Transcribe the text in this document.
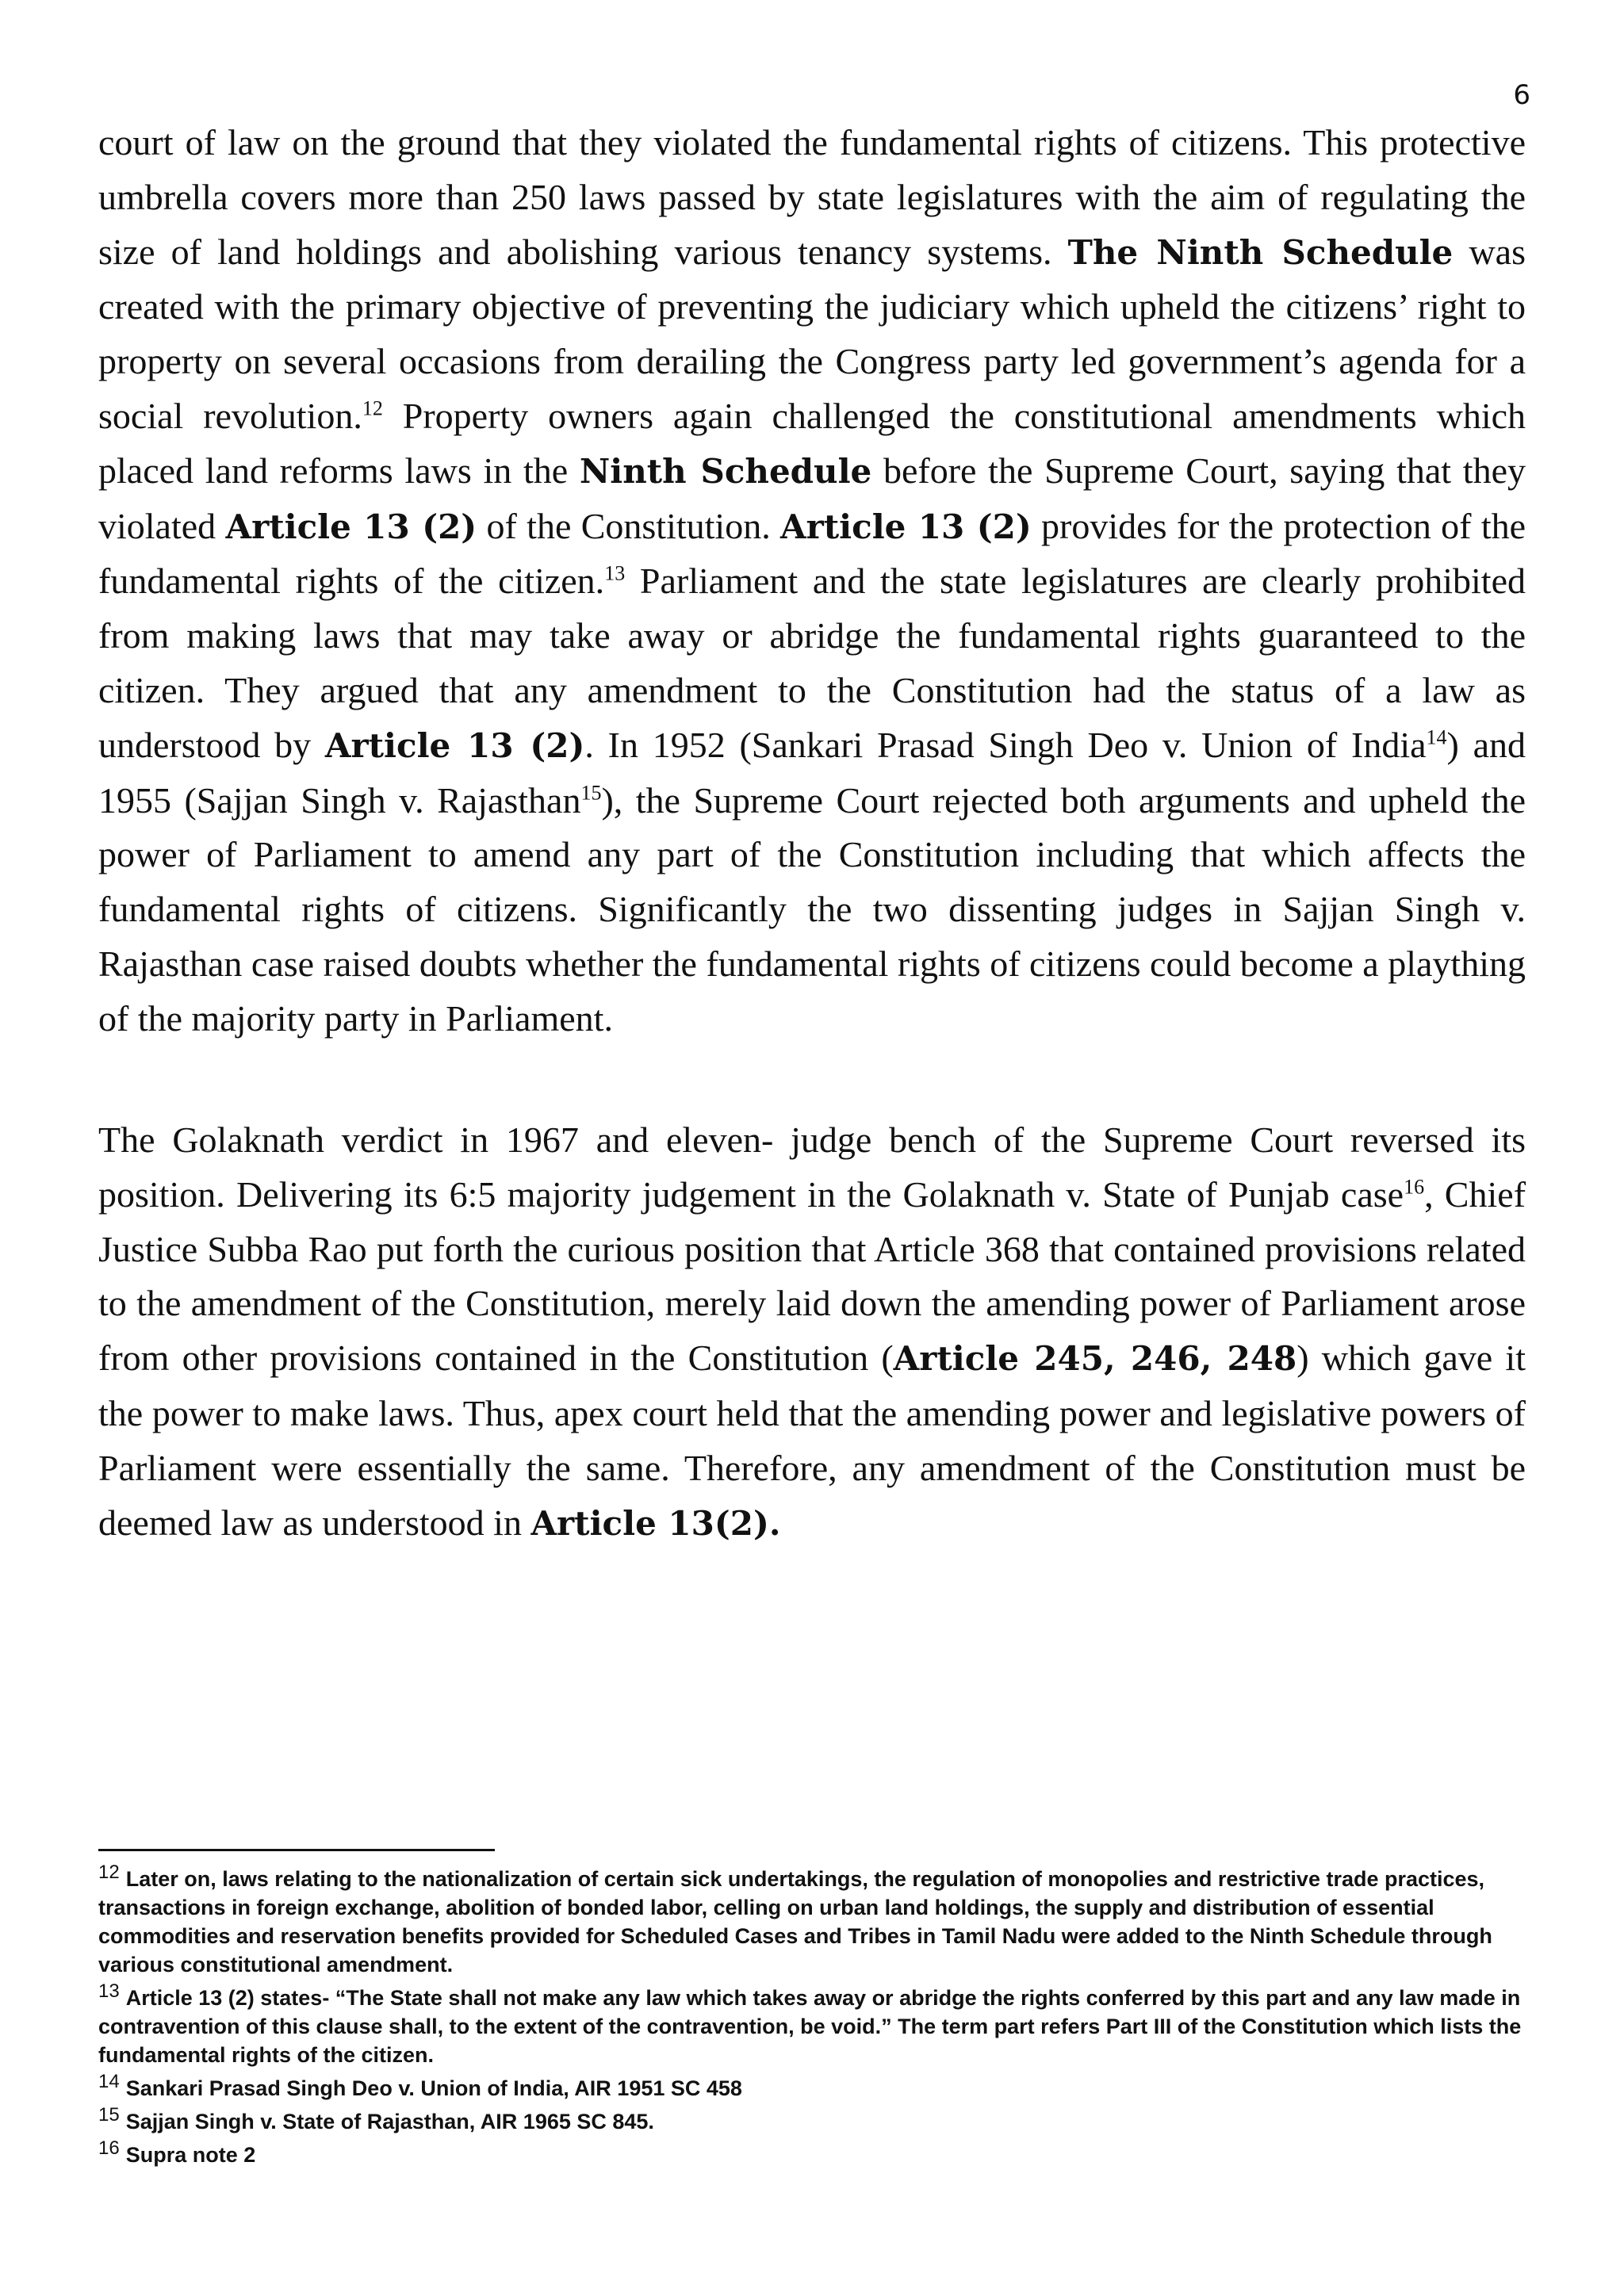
6

court of law on the ground that they violated the fundamental rights of citizens. This protective umbrella covers more than 250 laws passed by state legislatures with the aim of regulating the size of land holdings and abolishing various tenancy systems. The Ninth Schedule was created with the primary objective of preventing the judiciary which upheld the citizens’ right to property on several occasions from derailing the Congress party led government’s agenda for a social revolution.$^{12}$ Property owners again challenged the constitutional amendments which placed land reforms laws in the Ninth Schedule before the Supreme Court, saying that they violated Article 13 (2) of the Constitution. Article 13 (2) provides for the protection of the fundamental rights of the citizen.$^{13}$ Parliament and the state legislatures are clearly prohibited from making laws that may take away or abridge the fundamental rights guaranteed to the citizen. They argued that any amendment to the Constitution had the status of a law as understood by Article 13 (2). In 1952 (Sankari Prasad Singh Deo v. Union of India$^{14}$) and 1955 (Sajjan Singh v. Rajasthan$^{15}$), the Supreme Court rejected both arguments and upheld the power of Parliament to amend any part of the Constitution including that which affects the fundamental rights of citizens. Significantly the two dissenting judges in Sajjan Singh v. Rajasthan case raised doubts whether the fundamental rights of citizens could become a plaything of the majority party in Parliament.

The Golaknath verdict in 1967 and eleven- judge bench of the Supreme Court reversed its position. Delivering its 6:5 majority judgement in the Golaknath v. State of Punjab case$^{16}$, Chief Justice Subba Rao put forth the curious position that Article 368 that contained provisions related to the amendment of the Constitution, merely laid down the amending power of Parliament arose from other provisions contained in the Constitution (Article 245, 246, 248) which gave it the power to make laws. Thus, apex court held that the amending power and legislative powers of Parliament were essentially the same. Therefore, any amendment of the Constitution must be deemed law as understood in Article 13(2).

$^{12}$ Later on, laws relating to the nationalization of certain sick undertakings, the regulation of monopolies and restrictive trade practices, transactions in foreign exchange, abolition of bonded labor, celling on urban land holdings, the supply and distribution of essential commodities and reservation benefits provided for Scheduled Cases and Tribes in Tamil Nadu were added to the Ninth Schedule through various constitutional amendment.

$^{13}$ Article 13 (2) states- “The State shall not make any law which takes away or abridge the rights conferred by this part and any law made in contravention of this clause shall, to the extent of the contravention, be void.” The term part refers Part III of the Constitution which lists the fundamental rights of the citizen.

$^{14}$ Sankari Prasad Singh Deo v. Union of India, AIR 1951 SC 458

$^{15}$ Sajjan Singh v. State of Rajasthan, AIR 1965 SC 845.

$^{16}$ Supra note 2
